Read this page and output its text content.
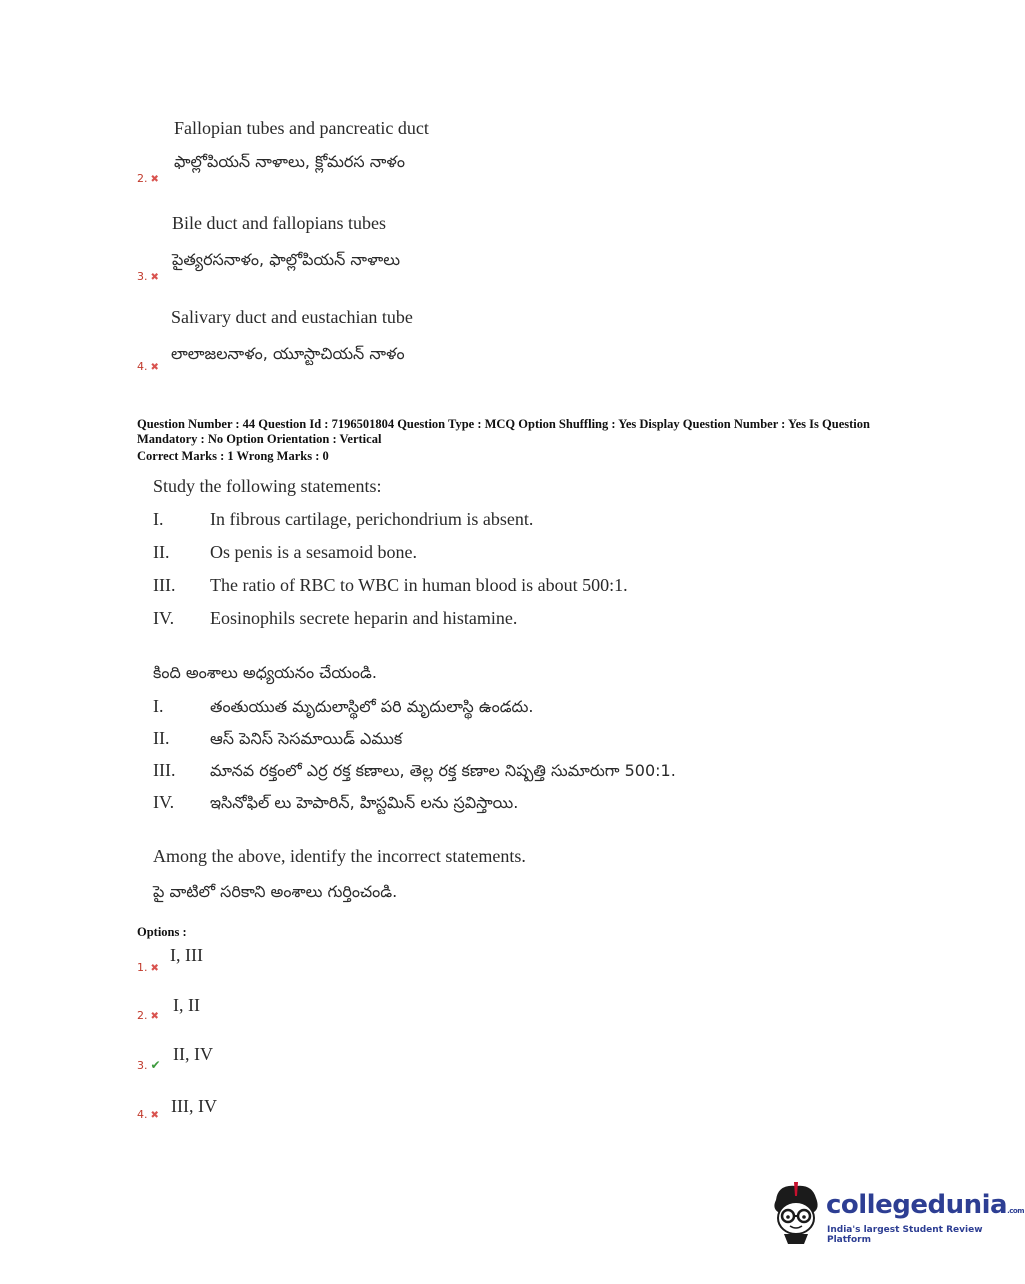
Fallopian tubes and pancreatic duct
ఫాల్లోపియన్ నాళాలు, క్లోమరస నాళం
2. ✖
Bile duct and fallopians tubes
పైత్యరసనాళం, ఫాల్లోపియన్ నాళాలు
3. ✖
Salivary duct and eustachian tube
లాలాజలనాళం, యూస్టాచియన్ నాళం
4. ✖
Question Number : 44 Question Id : 7196501804 Question Type : MCQ Option Shuffling : Yes Display Question Number : Yes Is Question
Mandatory : No Option Orientation : Vertical
Correct Marks : 1 Wrong Marks : 0
Study the following statements:
I.	In fibrous cartilage, perichondrium is absent.
II. Os penis is a sesamoid bone.
III. The ratio of RBC to WBC in human blood is about 500:1.
IV. Eosinophils secrete heparin and histamine.
కింది అంశాలు అధ్యయనం చేయండి.
I.	తంతుయుత మృదులాస్థిలో పరి మృదులాస్థి ఉండదు.
II.	ఆస్ పెనిస్ సెసమాయిడ్ ఎముక
III. మానవ రక్తంలో ఎర్ర రక్త కణాలు, తెల్ల రక్త కణాల నిష్పత్తి సుమారుగా 500:1.
IV. ఇసినోఫిల్ లు హెపారిన్, హిస్టమిన్ లను స్రవిస్తాయి.
Among the above, identify the incorrect statements.
పై వాటిలో సరికాని అంశాలు గుర్తించండి.
Options :
I, III
1. ✖
I, II
2. ✖
II, IV
3. ✔
III, IV
4. ✖
collegedunia.com
India's largest Student Review Platform
